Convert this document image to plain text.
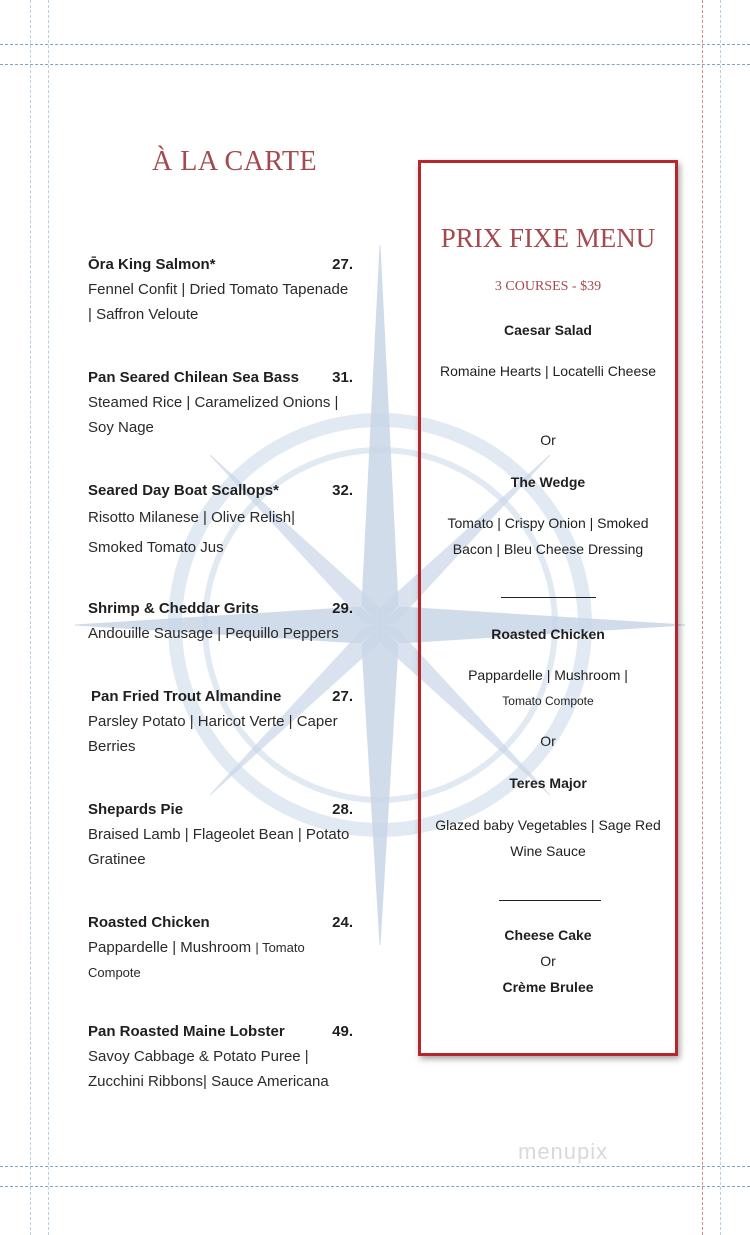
À LA CARTE
Ōra King Salmon*	27.
Fennel Confit | Dried Tomato Tapenade | Saffron Veloute
Pan Seared Chilean Sea Bass 31.
Steamed Rice | Caramelized Onions | Soy Nage
Seared Day Boat Scallops*	32.
Risotto Milanese | Olive Relish|
Smoked Tomato Jus
Shrimp & Cheddar Grits	29.
Andouille Sausage | Pequillo Peppers
Pan Fried Trout Almandine	27.
Parsley Potato | Haricot Verte | Caper Berries
Shepards Pie	28.
Braised Lamb | Flageolet Bean | Potato Gratinee
Roasted Chicken	24.
Pappardelle | Mushroom | Tomato Compote
Pan Roasted Maine Lobster	49.
Savoy Cabbage & Potato Puree | Zucchini Ribbons| Sauce Americana
PRIX FIXE MENU
3 COURSES - $39
Caesar Salad
Romaine Hearts | Locatelli Cheese
Or
The Wedge
Tomato | Crispy Onion | Smoked Bacon | Bleu Cheese Dressing
Roasted Chicken
Pappardelle | Mushroom |
Tomato Compote
Or
Teres Major
Glazed baby Vegetables | Sage Red Wine Sauce
Cheese Cake
Or
Crème Brulee
menupix
